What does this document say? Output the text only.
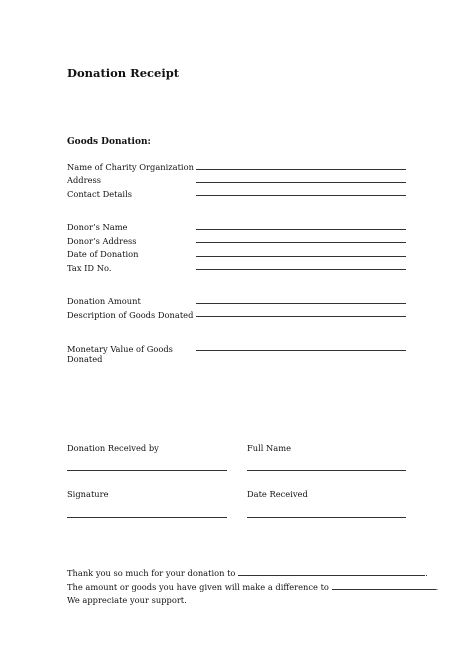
Donation Receipt
Goods Donation:
Name of Charity Organization
Address
Contact Details
Donor’s Name
Donor’s Address
Date of Donation
Tax ID No.
Donation Amount
Description of Goods Donated
Monetary Value of Goods
Donated
Donation Received by	Full Name
Signature	Date Received
Thank you so much for your donation to	.
The amount or goods you have given will make a difference to	.
We appreciate your support.
